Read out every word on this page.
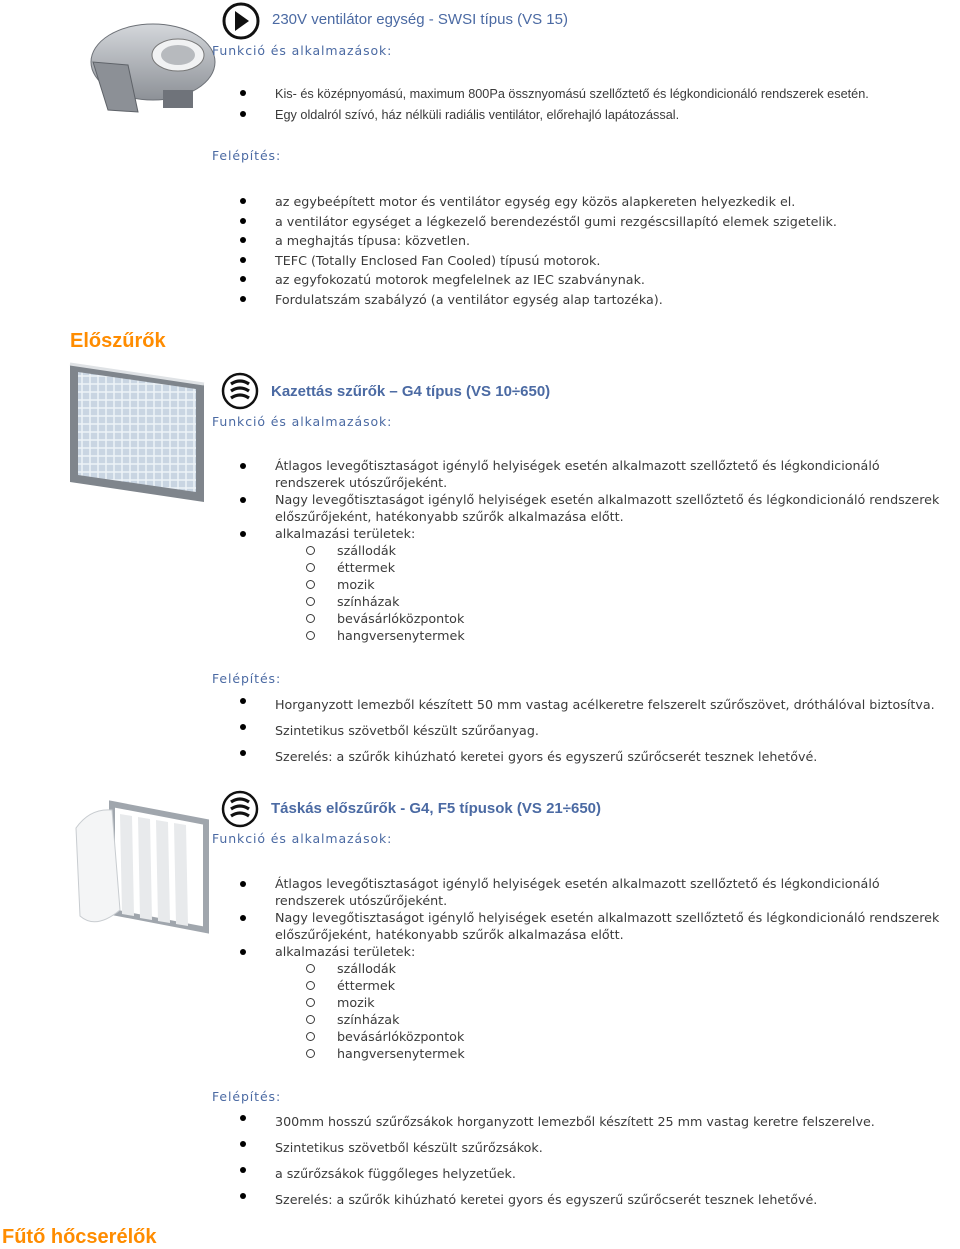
230V ventilátor egység - SWSI típus (VS 15)
Funkció és alkalmazások:
Kis- és középnyomású, maximum 800Pa össznyomású szellőztető és légkondicionáló rendszerek esetén.
Egy oldalról szívó, ház nélküli radiális ventilátor, előrehajló lapátozással.
Felépítés:
az egybeépített motor és ventilátor egység egy közös alapkereten helyezkedik el.
a ventilátor egységet a légkezelő berendezéstől gumi rezgéscsillapító elemek szigetelik.
a meghajtás típusa: közvetlen.
TEFC (Totally Enclosed Fan Cooled) típusú motorok.
az egyfokozatú motorok megfelelnek az IEC szabványnak.
Fordulatszám szabályzó (a ventilátor egység alap tartozéka).
Előszűrők
Kazettás szűrők – G4 típus (VS 10÷650)
Funkció és alkalmazások:
Átlagos levegőtisztaságot igénylő helyiségek esetén alkalmazott szellőztető és légkondicionáló rendszerek utószűrőjeként.
Nagy levegőtisztaságot igénylő helyiségek esetén alkalmazott szellőztető és légkondicionáló rendszerek előszűrőjeként, hatékonyabb szűrők alkalmazása előtt.
alkalmazási területek:
szállodák
éttermek
mozik
színházak
bevásárlóközpontok
hangversenytermek
Felépítés:
Horganyzott lemezből készített 50 mm vastag acélkeretre felszerelt szűrőszövet, dróthálóval biztosítva.
Szintetikus szövetből készült szűrőanyag.
Szerelés: a szűrők kihúzható keretei gyors és egyszerű szűrőcserét tesznek lehetővé.
Táskás előszűrők - G4, F5 típusok (VS 21÷650)
Funkció és alkalmazások:
Átlagos levegőtisztaságot igénylő helyiségek esetén alkalmazott szellőztető és légkondicionáló rendszerek utószűrőjeként.
Nagy levegőtisztaságot igénylő helyiségek esetén alkalmazott szellőztető és légkondicionáló rendszerek előszűrőjeként, hatékonyabb szűrők alkalmazása előtt.
alkalmazási területek:
szállodák
éttermek
mozik
színházak
bevásárlóközpontok
hangversenytermek
Felépítés:
300mm hosszú szűrőzsákok horganyzott lemezből készített 25 mm vastag keretre felszerelve.
Szintetikus szövetből készült szűrőzsákok.
a szűrőzsákok függőleges helyzetűek.
Szerelés: a szűrők kihúzható keretei gyors és egyszerű szűrőcserét tesznek lehetővé.
Fűtő hőcserélők
